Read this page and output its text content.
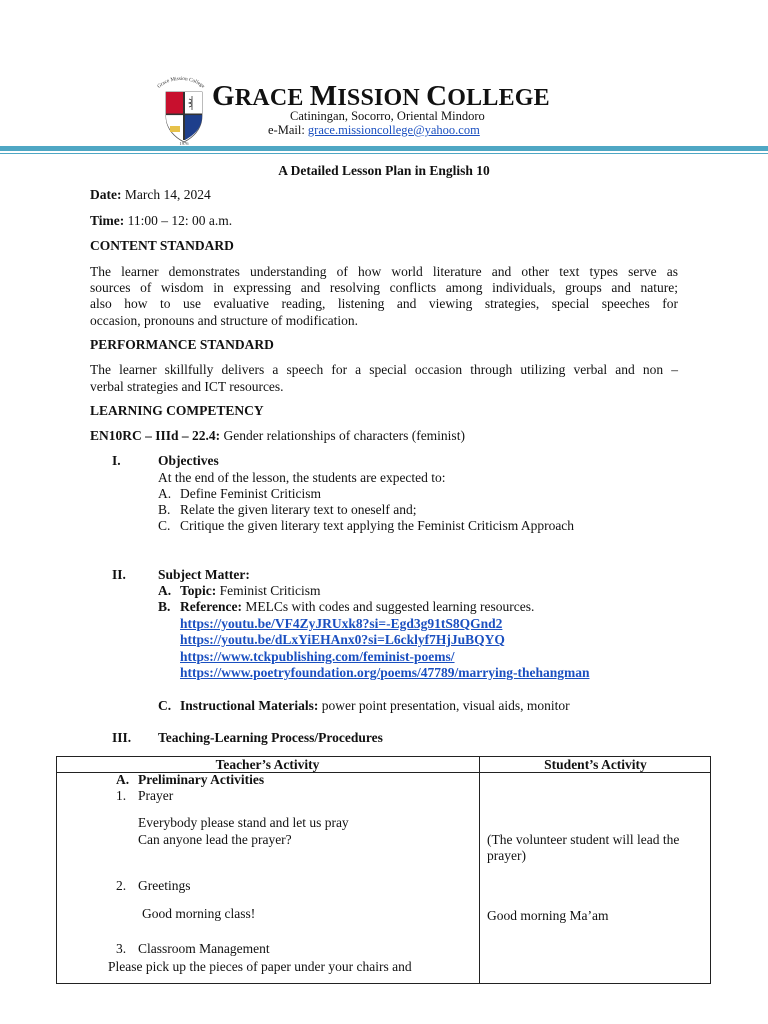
Grace Mission College
1976
GRACE MISSION COLLEGE
Catiningan, Socorro, Oriental Mindoro
e-Mail: grace.missioncollege@yahoo.com
A Detailed Lesson Plan in English 10
Date: March 14, 2024
Time: 11:00 – 12: 00 a.m.
CONTENT STANDARD
The learner demonstrates understanding of how world literature and other text types serve as
sources of wisdom in expressing and resolving conflicts among individuals, groups and nature;
also how to use evaluative reading, listening and viewing strategies, special speeches for
occasion, pronouns and structure of modification.
PERFORMANCE STANDARD
The learner skillfully delivers a speech for a special occasion through utilizing verbal and non –
verbal strategies and ICT resources.
LEARNING COMPETENCY
EN10RC – IIId – 22.4: Gender relationships of characters (feminist)
I.	Objectives
At the end of the lesson, the students are expected to:
A. Define Feminist Criticism
B. Relate the given literary text to oneself and;
C. Critique the given literary text applying the Feminist Criticism Approach
II. Subject Matter:
A. Topic: Feminist Criticism
B. Reference: MELCs with codes and suggested learning resources.
https://youtu.be/VF4ZyJRUxk8?si=-Egd3g91tS8QGnd2
https://youtu.be/dLxYiEHAnx0?si=L6cklyf7HjJuBQYQ
https://www.tckpublishing.com/feminist-poems/
https://www.poetryfoundation.org/poems/47789/marrying-thehangman
C. Instructional Materials: power point presentation, visual aids, monitor
III. Teaching-Learning Process/Procedures
Teacher’s Activity	Student’s Activity
A. Preliminary Activities
1. Prayer
Everybody please stand and let us pray
Can anyone lead the prayer?	(The volunteer student will lead the
prayer)
2. Greetings
Good morning class!	Good morning Ma’am
3. Classroom Management
Please pick up the pieces of paper under your chairs and
